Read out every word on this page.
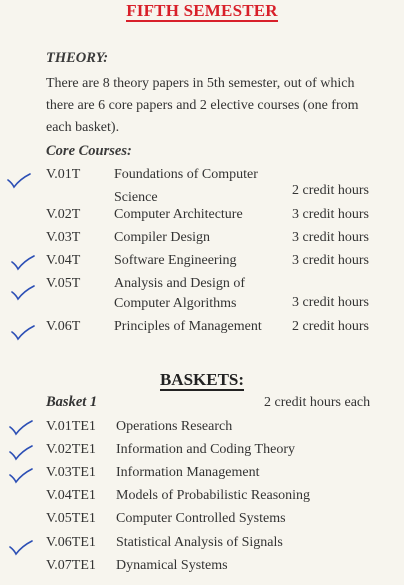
FIFTH SEMESTER
THEORY:
There are 8 theory papers in 5th semester, out of which
there are 6 core papers and 2 elective courses (one from
each basket).
Core Courses:
V.01T Foundations of Computer
Science	2 credit hours
V.02T Computer Architecture	3 credit hours
V.03T Compiler Design	3 credit hours
V.04T Software Engineering	3 credit hours
V.05T Analysis and Design of
Computer Algorithms	3 credit hours
V.06T Principles of Management 2 credit hours
BASKETS:
Basket 1	2 credit hours each
V.01TE1 Operations Research
V.02TE1 Information and Coding Theory
V.03TE1 Information Management
V.04TE1 Models of Probabilistic Reasoning
V.05TE1 Computer Controlled Systems
V.06TE1 Statistical Analysis of Signals
V.07TE1 Dynamical Systems
